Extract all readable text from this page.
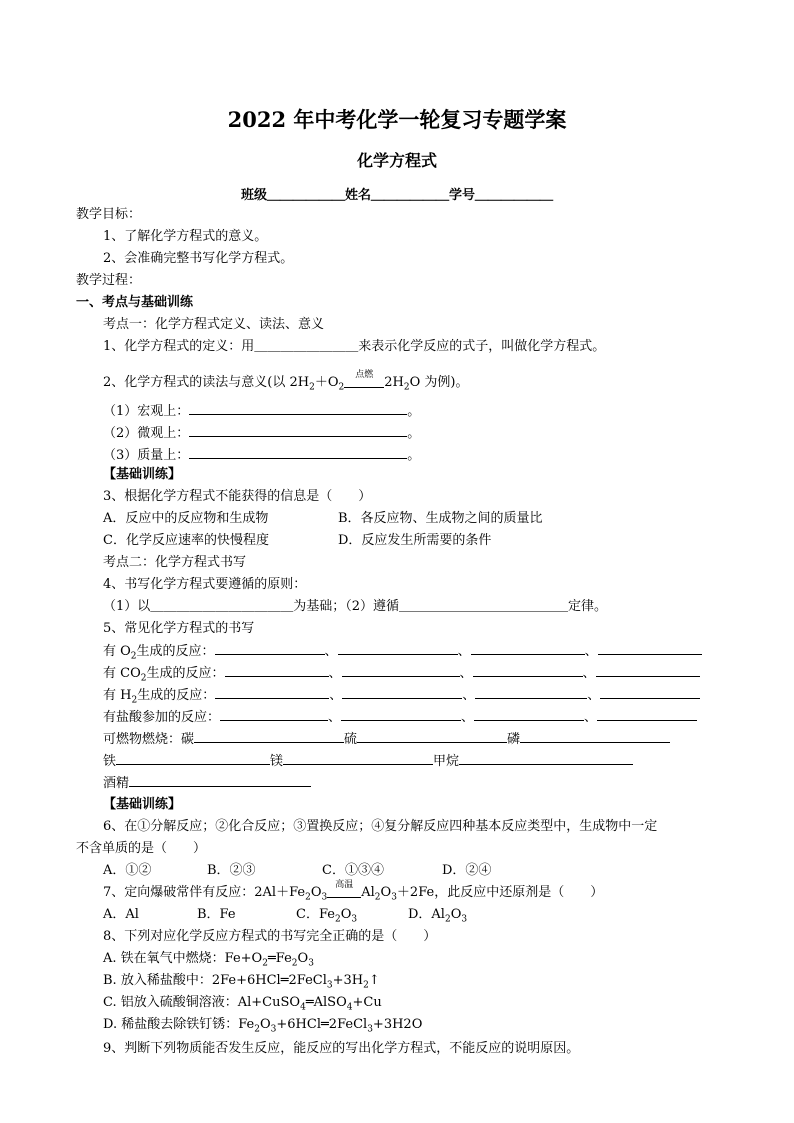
2022 年中考化学一轮复习专题学案
化学方程式
班级＿＿＿＿＿＿姓名＿＿＿＿＿＿学号＿＿＿＿＿＿
教学目标：
1、了解化学方程式的意义。
2、会准确完整书写化学方程式。
教学过程：
一、考点与基础训练
考点一：化学方程式定义、读法、意义
1、化学方程式的定义：用＿＿＿＿＿＿＿＿来表示化学反应的式子，叫做化学方程式。
2、化学方程式的读法与意义(以 $2H_2+O_2$
点燃 $2H_2O$ 为例)。
（1）宏观上：	。
（2）微观上：	。
（3）质量上：	。
【基础训练】
3、根据化学方程式不能获得的信息是（　　）
A．反应中的反应物和生成物	B．各反应物、生成物之间的质量比
C．化学反应速率的快慢程度	D．反应发生所需要的条件
考点二：化学方程式书写
4、书写化学方程式要遵循的原则：
（1）以＿＿＿＿＿＿＿＿＿＿＿为基础；（2）遵循＿＿＿＿＿＿＿＿＿＿＿＿＿定律。
5、常见化学方程式的书写
有 $O_2$生成的反应：	、	、	、
有 $CO_2$生成的反应：	、	、	、
有 $H_2$生成的反应：	、	、	、
有盐酸参加的反应：	、	、	、
可燃物燃烧：碳	硫	磷
铁	镁	甲烷
酒精
【基础训练】
6、在①分解反应；②化合反应；③置换反应；④复分解反应四种基本反应类型中，生成物中一定
不含单质的是（　　）
A．①②	B．②③	C．①③④	D．②④
7、定向爆破常伴有反应：$2Al+Fe_2O_3$
高温 $Al_2O_3+2Fe$，此反应中还原剂是（　　）
A．Al	B．Fe	C．$Fe_2O_3$	D．$Al_2O_3$
8、下列对应化学反应方程式的书写完全正确的是（　　）
A. 铁在氧气中燃烧：$Fe+O_2═Fe_2O_3$
B. 放入稀盐酸中：$2Fe+6HCl═2FeCl_3+3H_2↑$
C. 铝放入硫酸铜溶液：Al+CuSO$_4$═AlSO$_4$+Cu
D. 稀盐酸去除铁钉锈：$Fe_2O_3+6HCl═2FeCl_3+3H2O$
9、判断下列物质能否发生反应，能反应的写出化学方程式，不能反应的说明原因。
